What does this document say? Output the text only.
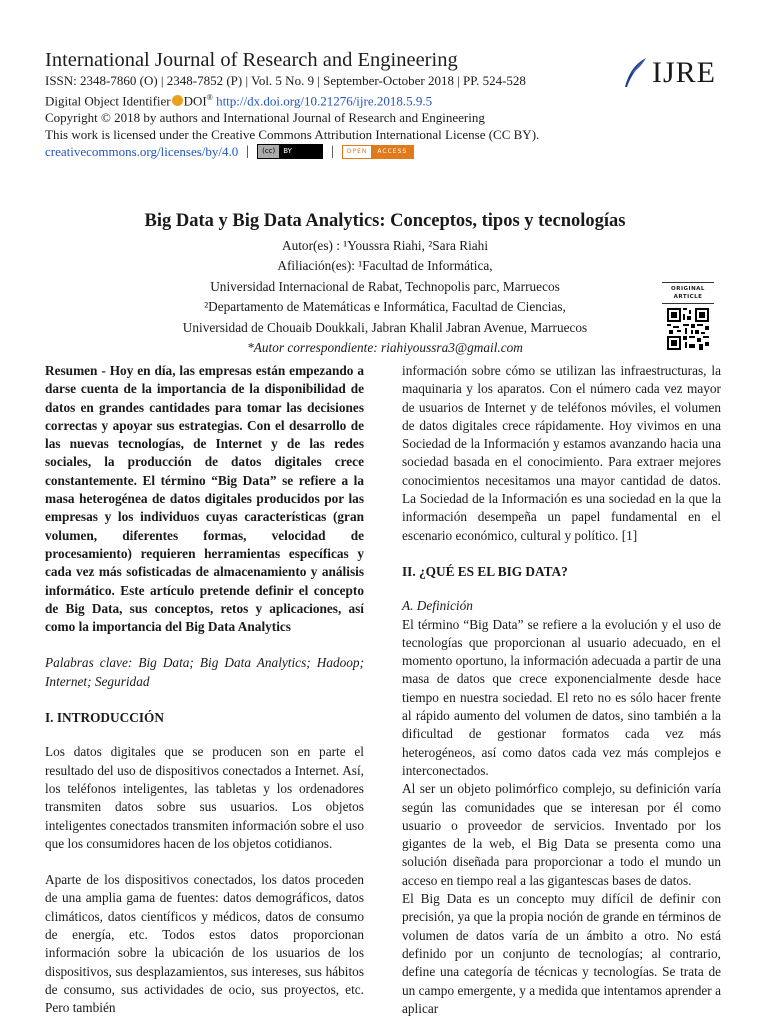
International Journal of Research and Engineering
ISSN: 2348-7860 (O) | 2348-7852 (P) | Vol. 5 No. 9 | September-October 2018 | PP. 524-528
Digital Object Identifier DOI® http://dx.doi.org/10.21276/ijre.2018.5.9.5
Copyright © 2018 by authors and International Journal of Research and Engineering
This work is licensed under the Creative Commons Attribution International License (CC BY).
creativecommons.org/licenses/by/4.0 |	(cc)	BY	|	OPEN	ACCESS
IJRE
Big Data y Big Data Analytics: Conceptos, tipos y tecnologías
Autor(es) : ¹Youssra Riahi, ²Sara Riahi
Afiliación(es): ¹Facultad de Informática,
Universidad Internacional de Rabat, Technopolis parc, Marruecos
²Departamento de Matemáticas e Informática, Facultad de Ciencias,
Universidad de Chouaib Doukkali, Jabran Khalil Jabran Avenue, Marruecos
*Autor correspondiente: riahiyoussra3@gmail.com
ORIGINAL
ARTICLE

Resumen - Hoy en día, las empresas están empezando a darse cuenta de la importancia de la disponibilidad de datos en grandes cantidades para tomar las decisiones correctas y apoyar sus estrategias. Con el desarrollo de las nuevas tecnologías, de Internet y de las redes sociales, la producción de datos digitales crece constantemente. El término “Big Data” se refiere a la masa heterogénea de datos digitales producidos por las empresas y los individuos cuyas características (gran volumen, diferentes formas, velocidad de procesamiento) requieren herramientas específicas y cada vez más sofisticadas de almacenamiento y análisis informático. Este artículo pretende definir el concepto de Big Data, sus conceptos, retos y aplicaciones, así como la importancia del Big Data Analytics

Palabras clave: Big Data; Big Data Analytics; Hadoop; Internet; Seguridad

I. INTRODUCCIÓN

Los datos digitales que se producen son en parte el resultado del uso de dispositivos conectados a Internet. Así, los teléfonos inteligentes, las tabletas y los ordenadores transmiten datos sobre sus usuarios. Los objetos inteligentes conectados transmiten información sobre el uso que los consumidores hacen de los objetos cotidianos.

Aparte de los dispositivos conectados, los datos proceden de una amplia gama de fuentes: datos demográficos, datos climáticos, datos científicos y médicos, datos de consumo de energía, etc. Todos estos datos proporcionan información sobre la ubicación de los usuarios de los dispositivos, sus desplazamientos, sus intereses, sus hábitos de consumo, sus actividades de ocio, sus proyectos, etc. Pero también

información sobre cómo se utilizan las infraestructuras, la maquinaria y los aparatos. Con el número cada vez mayor de usuarios de Internet y de teléfonos móviles, el volumen de datos digitales crece rápidamente. Hoy vivimos en una Sociedad de la Información y estamos avanzando hacia una sociedad basada en el conocimiento. Para extraer mejores conocimientos necesitamos una mayor cantidad de datos. La Sociedad de la Información es una sociedad en la que la información desempeña un papel fundamental en el escenario económico, cultural y político. [1]

II. ¿QUÉ ES EL BIG DATA?

A. Definición

El término “Big Data” se refiere a la evolución y el uso de tecnologías que proporcionan al usuario adecuado, en el momento oportuno, la información adecuada a partir de una masa de datos que crece exponencialmente desde hace tiempo en nuestra sociedad. El reto no es sólo hacer frente al rápido aumento del volumen de datos, sino también a la dificultad de gestionar formatos cada vez más heterogéneos, así como datos cada vez más complejos e interconectados.

Al ser un objeto polimórfico complejo, su definición varía según las comunidades que se interesan por él como usuario o proveedor de servicios. Inventado por los gigantes de la web, el Big Data se presenta como una solución diseñada para proporcionar a todo el mundo un acceso en tiempo real a las gigantescas bases de datos.

El Big Data es un concepto muy difícil de definir con precisión, ya que la propia noción de grande en términos de volumen de datos varía de un ámbito a otro. No está definido por un conjunto de tecnologías; al contrario, define una categoría de técnicas y tecnologías. Se trata de un campo emergente, y a medida que intentamos aprender a aplicar
